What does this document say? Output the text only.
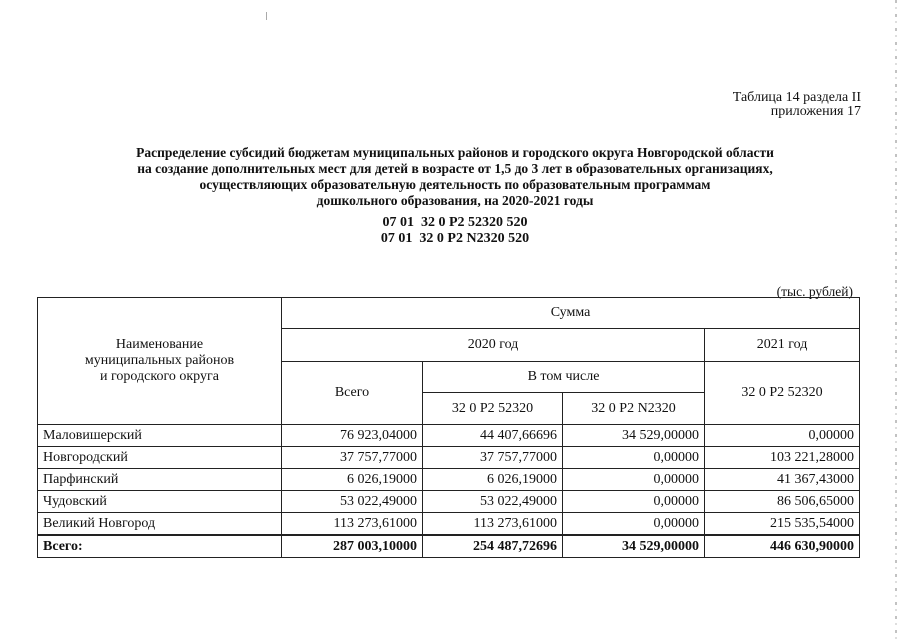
Таблица 14 раздела II
приложения 17
Распределение субсидий бюджетам муниципальных районов и городского округа Новгородской области
на создание дополнительных мест для детей в возрасте от 1,5 до 3 лет в образовательных организациях,
осуществляющих образовательную деятельность по образовательным программам
дошкольного образования, на 2020-2021 годы
07 01  32 0 Р2 52320 520
07 01  32 0 Р2 N2320 520
(тыс. рублей)
Наименование
муниципальных районов
и городского округа	Сумма			
	2020 год			2021 год
	Всего	В том числе		32 0 Р2 52320
		32 0 Р2 52320	32 0 Р2 N2320	
Маловишерский	76 923,04000	44 407,66696	34 529,00000	0,00000
Новгородский	37 757,77000	37 757,77000	0,00000	103 221,28000
Парфинский	6 026,19000	6 026,19000	0,00000	41 367,43000
Чудовский	53 022,49000	53 022,49000	0,00000	86 506,65000
Великий Новгород	113 273,61000	113 273,61000	0,00000	215 535,54000
Всего:	287 003,10000	254 487,72696	34 529,00000	446 630,90000
